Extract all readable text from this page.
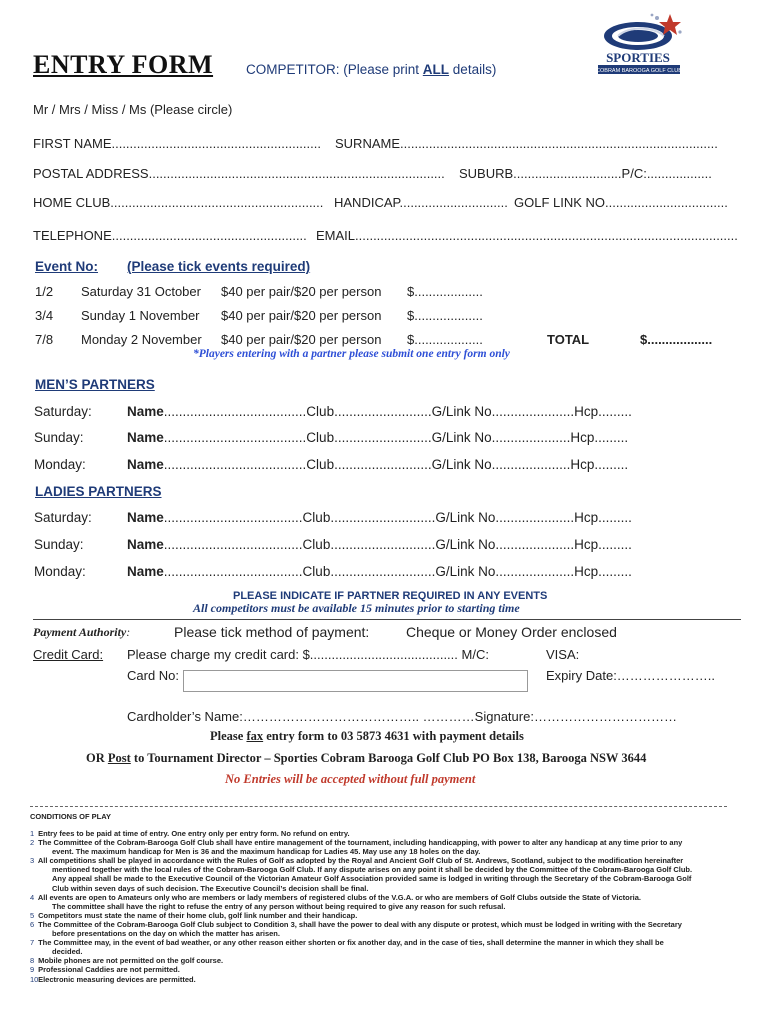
ENTRY FORM COMPETITOR: (Please print ALL details)
SPORTIES
COBRAM BAROOGA GOLF CLUB
Mr / Mrs / Miss / Ms (Please circle)
FIRST NAME.......................................................... SURNAME........................................................................................
POSTAL ADDRESS.................................................................................. SUBURB..............................P/C:..................
HOME CLUB........................................................... HANDICAP.............................. GOLF LINK NO..................................
TELEPHONE...................................................... EMAIL..........................................................................................................
Event No: (Please tick events required)
1/2 Saturday 31 October $40 per pair/$20 per person $...................
3/4 Sunday 1 November $40 per pair/$20 per person $...................
7/8 Monday 2 November $40 per pair/$20 per person $...................	TOTAL	$..................
*Players entering with a partner please submit one entry form only
MEN’S PARTNERS
Saturday:	Name......................................Club..........................G/Link No......................Hcp.........
Sunday:	Name......................................Club..........................G/Link No.....................Hcp.........
Monday:	Name......................................Club..........................G/Link No.....................Hcp.........
LADIES PARTNERS
Saturday:	Name.....................................Club............................G/Link No.....................Hcp.........
Sunday:	Name.....................................Club............................G/Link No.....................Hcp.........
Monday:	Name.....................................Club............................G/Link No.....................Hcp.........
PLEASE INDICATE IF PARTNER REQUIRED IN ANY EVENTS
All competitors must be available 15 minutes prior to starting time
Payment Authority:	Please tick method of payment:	Cheque or Money Order enclosed
Credit Card: Please charge my credit card: $......................................... M/C:	VISA:
Card No:	Expiry Date:…………………..
Cardholder’s Name:………………………………….. …………Signature:……………………………
Please fax entry form to 03 5873 4631 with payment details
OR Post to Tournament Director – Sporties Cobram Barooga Golf Club PO Box 138, Barooga NSW 3644
No Entries will be accepted without full payment
CONDITIONS OF PLAY
1 Entry fees to be paid at time of entry. One entry only per entry form. No refund on entry.
2 The Committee of the Cobram-Barooga Golf Club shall have entire management of the tournament, including handicapping, with power to alter any handicap at any time prior to any
event. The maximum handicap for Men is 36 and the maximum handicap for Ladies 45. May use any 18 holes on the day.
3 All competitions shall be played in accordance with the Rules of Golf as adopted by the Royal and Ancient Golf Club of St. Andrews, Scotland, subject to the modification hereinafter
mentioned together with the local rules of the Cobram-Barooga Golf Club. If any dispute arises on any point it shall be decided by the Committee of the Cobram-Barooga Golf Club.
Any appeal shall be made to the Executive Council of the Victorian Amateur Golf Association provided same is lodged in writing through the Secretary of the Cobram-Barooga Golf
Club within seven days of such decision. The Executive Council’s decision shall be final.
4 All events are open to Amateurs only who are members or lady members of registered clubs of the V.G.A. or who are members of Golf Clubs outside the State of Victoria.
The committee shall have the right to refuse the entry of any person without being required to give any reason for such refusal.
5 Competitors must state the name of their home club, golf link number and their handicap.
6 The Committee of the Cobram-Barooga Golf Club subject to Condition 3, shall have the power to deal with any dispute or protest, which must be lodged in writing with the Secretary
before presentations on the day on which the matter has arisen.
7 The Committee may, in the event of bad weather, or any other reason either shorten or fix another day, and in the case of ties, shall determine the manner in which they shall be
decided.
8 Mobile phones are not permitted on the golf course.
9 Professional Caddies are not permitted.
10 Electronic measuring devices are permitted.
